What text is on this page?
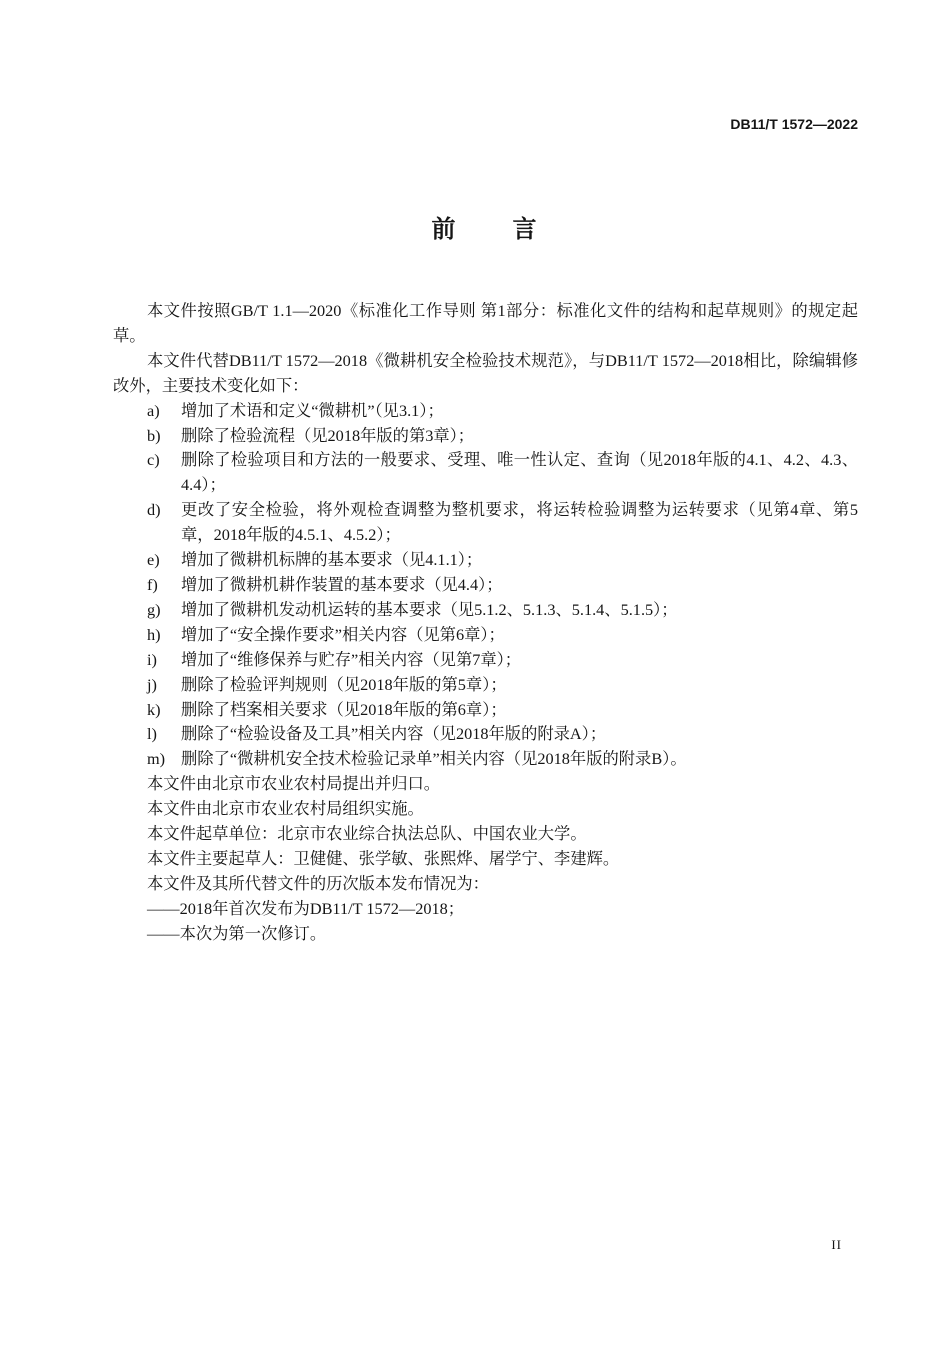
DB11/T 1572—2022
前　　言

本文件按照GB/T 1.1—2020《标准化工作导则 第1部分：标准化文件的结构和起草规则》的规定起草。

本文件代替DB11/T 1572—2018《微耕机安全检验技术规范》，与DB11/T 1572—2018相比，除编辑修改外，主要技术变化如下：

a) 增加了术语和定义“微耕机”（见3.1）；
b) 删除了检验流程（见2018年版的第3章）；
c) 删除了检验项目和方法的一般要求、受理、唯一性认定、查询（见2018年版的4.1、4.2、4.3、4.4）；
d) 更改了安全检验，将外观检查调整为整机要求，将运转检验调整为运转要求（见第4章、第5章，2018年版的4.5.1、4.5.2）；
e) 增加了微耕机标牌的基本要求（见4.1.1）；
f) 增加了微耕机耕作装置的基本要求（见4.4）；
g) 增加了微耕机发动机运转的基本要求（见5.1.2、5.1.3、5.1.4、5.1.5）；
h) 增加了“安全操作要求”相关内容（见第6章）；
i) 增加了“维修保养与贮存”相关内容（见第7章）；
j) 删除了检验评判规则（见2018年版的第5章）；
k) 删除了档案相关要求（见2018年版的第6章）；
l) 删除了“检验设备及工具”相关内容（见2018年版的附录A）；
m) 删除了“微耕机安全技术检验记录单”相关内容（见2018年版的附录B）。

本文件由北京市农业农村局提出并归口。

本文件由北京市农业农村局组织实施。

本文件起草单位：北京市农业综合执法总队、中国农业大学。

本文件主要起草人：卫健健、张学敏、张熙烨、屠学宁、李建辉。

本文件及其所代替文件的历次版本发布情况为：

——2018年首次发布为DB11/T 1572—2018；

——本次为第一次修订。

II
